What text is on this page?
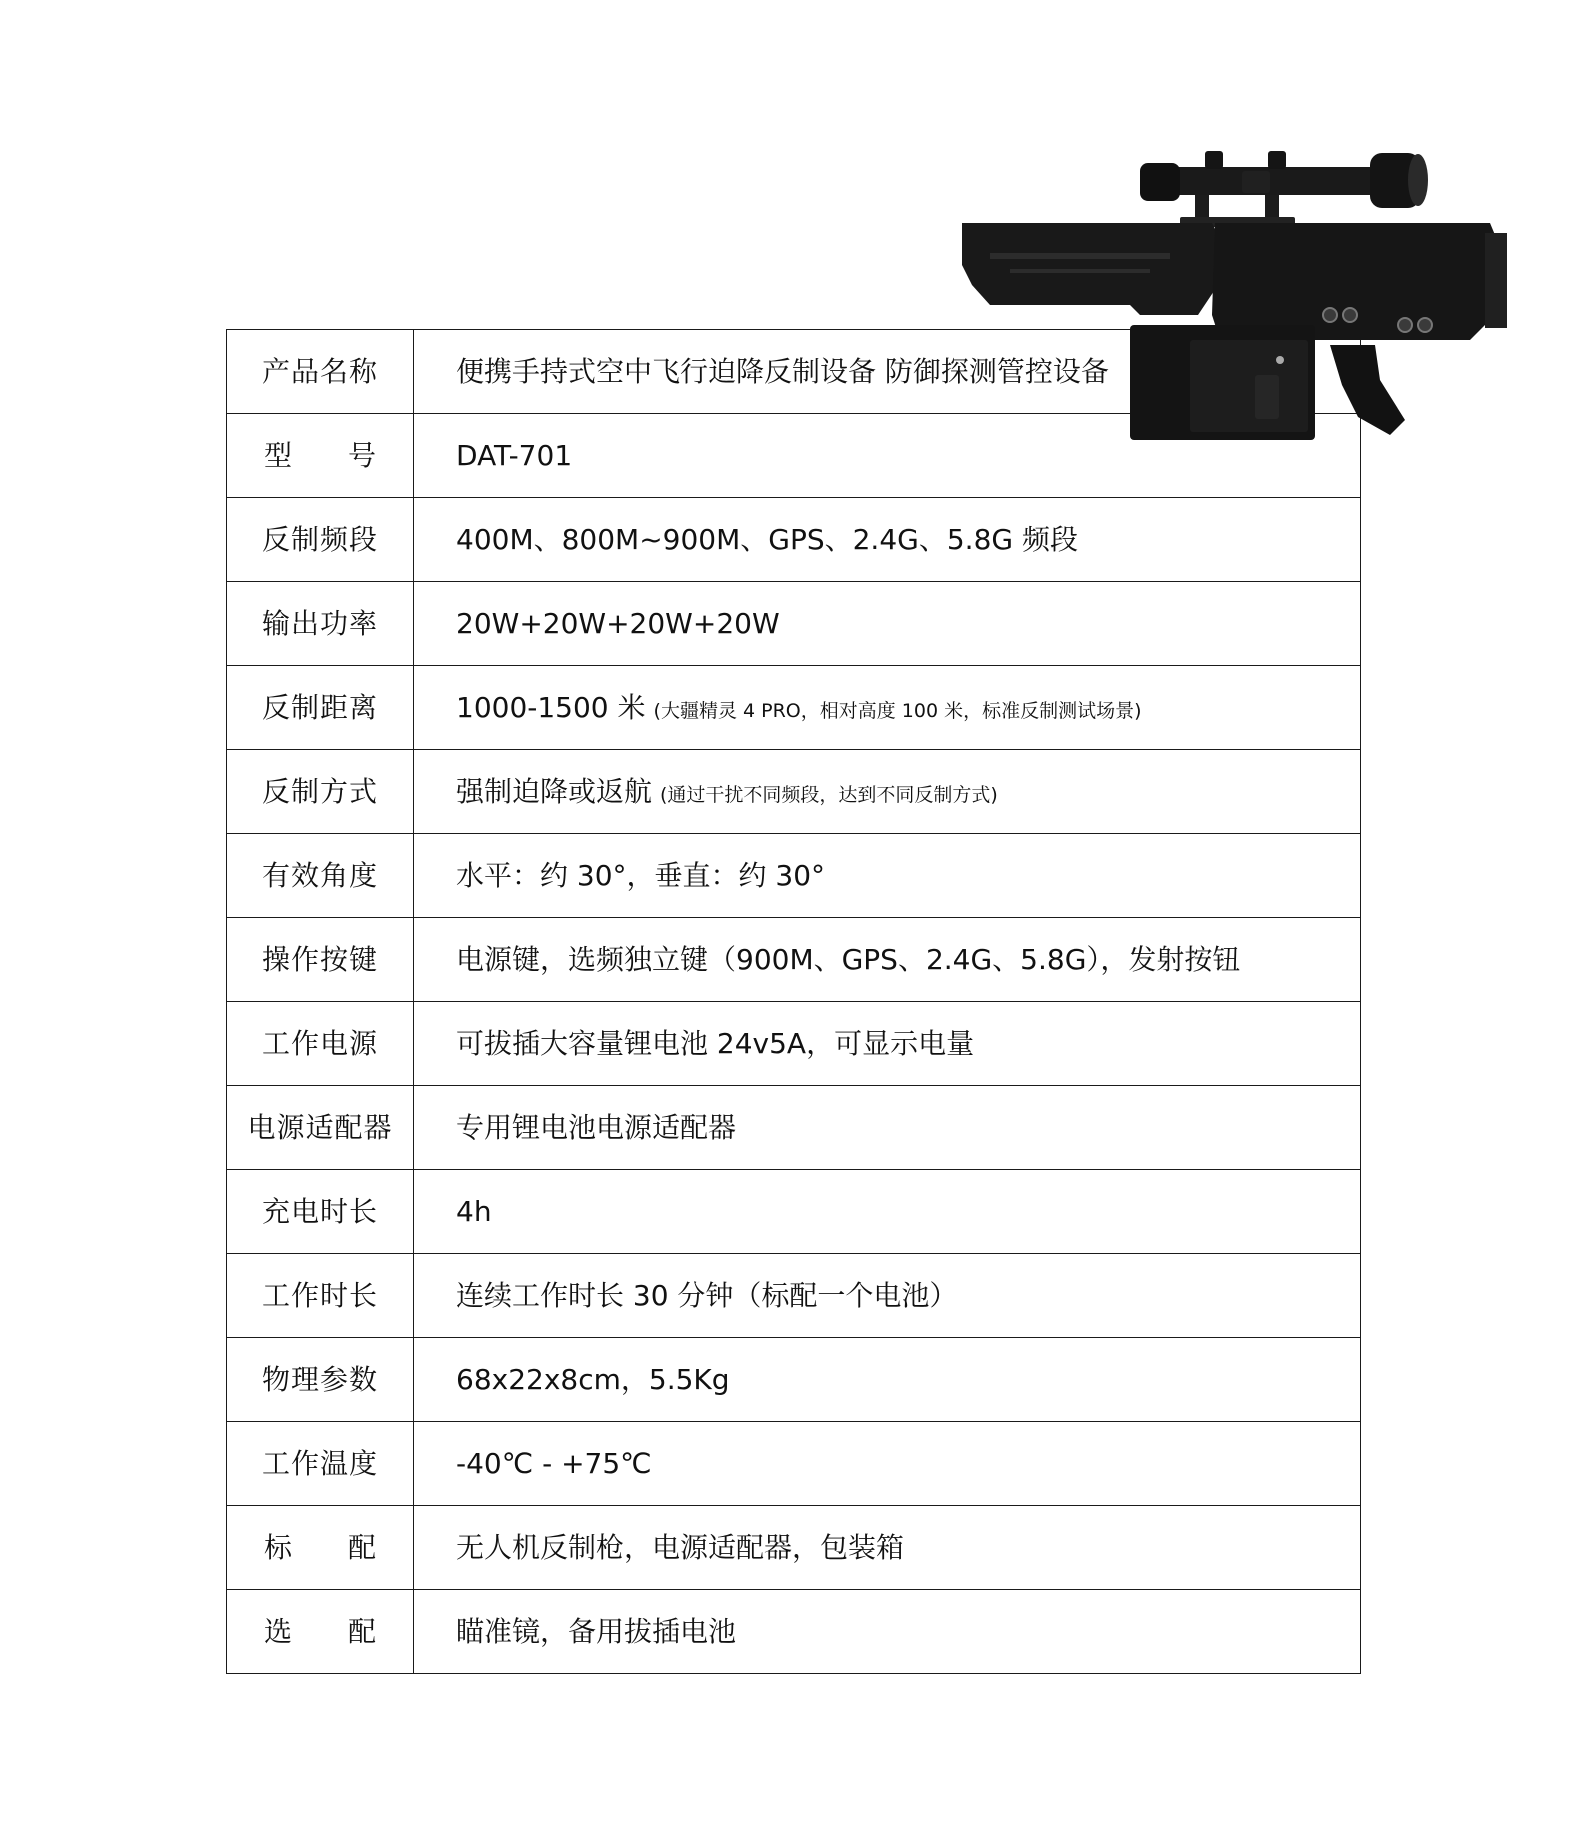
产品名称	便携手持式空中飞行迫降反制设备 防御探测管控设备
型　　号	DAT-701
反制频段	400M、800M~900M、GPS、2.4G、5.8G 频段
输出功率	20W+20W+20W+20W
反制距离	1000-1500 米 (大疆精灵 4 PRO，相对高度 100 米，标准反制测试场景)
反制方式	强制迫降或返航 (通过干扰不同频段，达到不同反制方式)
有效角度	水平：约 30°，垂直：约 30°
操作按键	电源键，选频独立键（900M、GPS、2.4G、5.8G），发射按钮
工作电源	可拔插大容量锂电池 24v5A，可显示电量
电源适配器	专用锂电池电源适配器
充电时长	4h
工作时长	连续工作时长 30 分钟（标配一个电池）
物理参数	68x22x8cm，5.5Kg
工作温度	-40℃ - +75℃
标　　配	无人机反制枪，电源适配器，包装箱
选　　配	瞄准镜，备用拔插电池
